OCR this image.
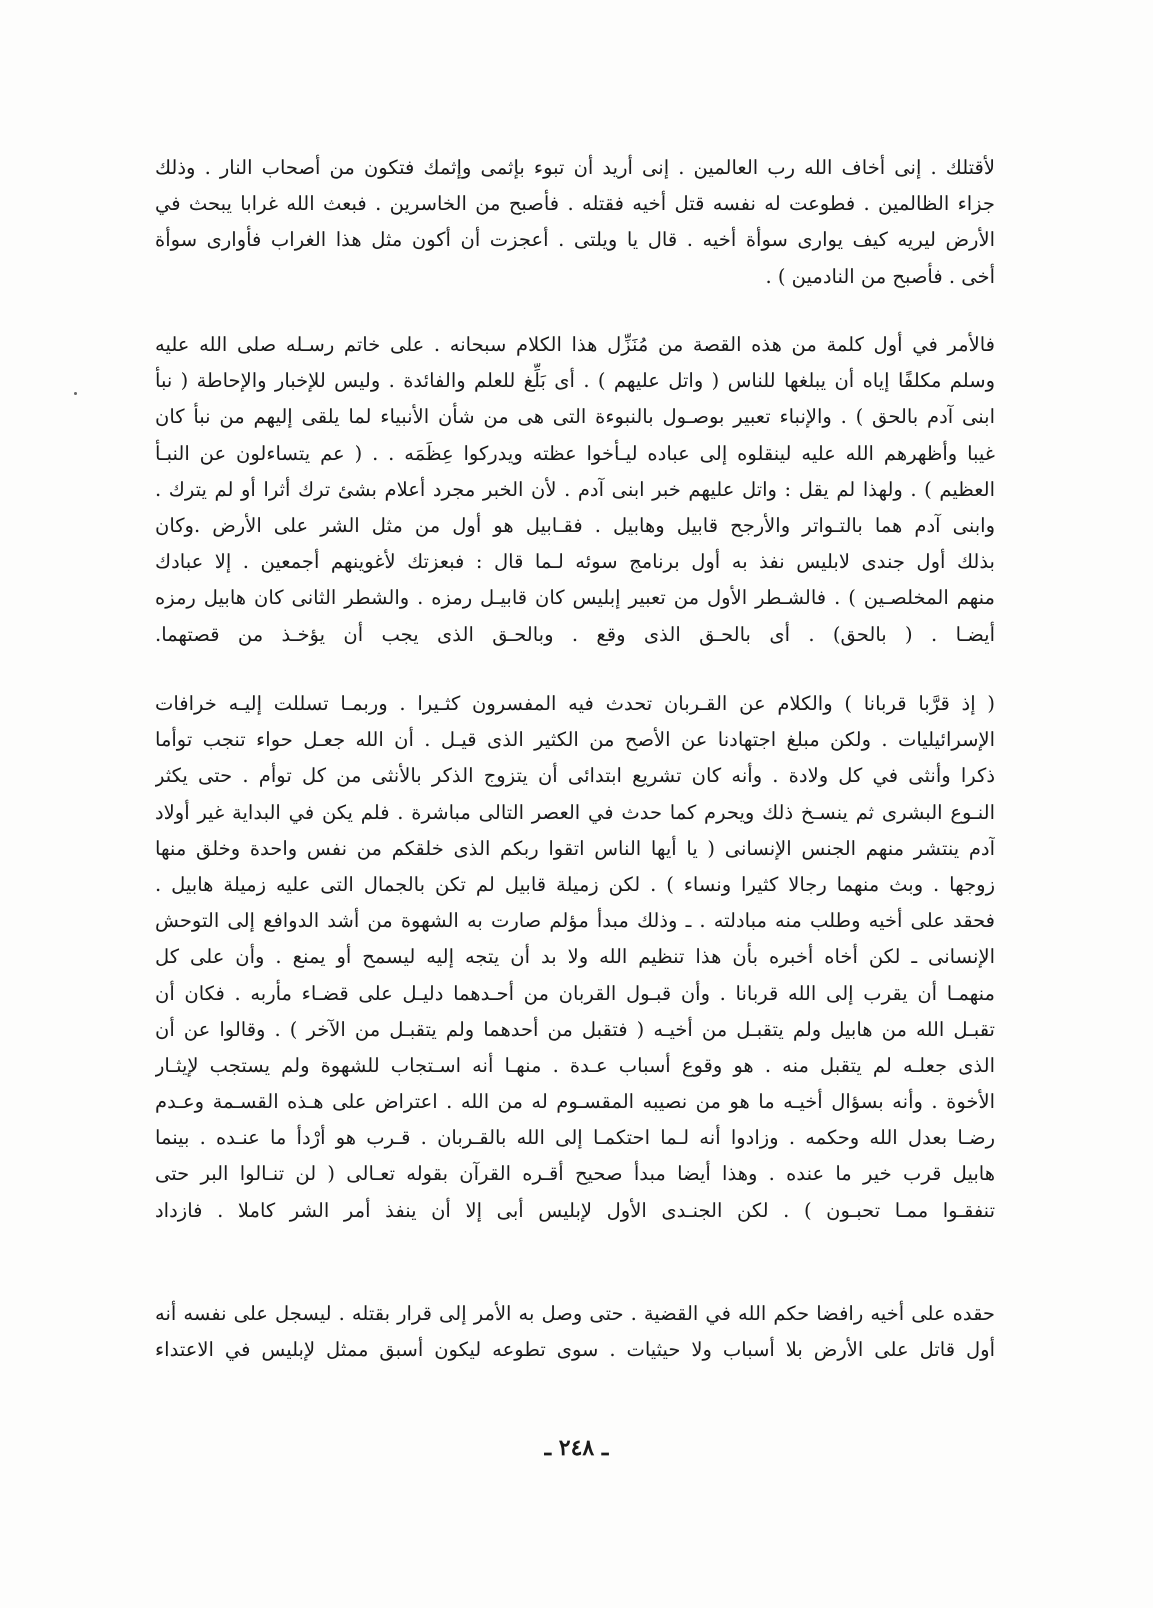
لأقتلك . إنى أخاف الله رب العالمين . إنى أريد أن تبوء بإثمى وإثمك فتكون من أصحاب النار . وذلك
جزاء الظالمين . فطوعت له نفسه قتل أخيه فقتله . فأصبح من الخاسرين . فبعث الله غرابا يبحث في
الأرض ليريه كيف يوارى سوأة أخيه . قال يا ويلتى . أعجزت أن أكون مثل هذا الغراب فأوارى سوأة
أخى . فأصبح من النادمين ) .
فالأمر في أول كلمة من هذه القصة من مُنَزِّل هذا الكلام سبحانه . على خاتم رسـله صلى الله عليه
وسلم مكلفًا إياه أن يبلغها للناس ( واتل عليهم ) . أى بَلِّغ للعلم والفائدة . وليس للإخبار والإحاطة ( نبأ
ابنى آدم بالحق ) . والإنباء تعبير بوصـول بالنبوءة التى هى من شأن الأنبياء لما يلقى إليهم من نبأ كان
غيبا وأظهرهم الله عليه لينقلوه إلى عباده ليـأخوا عظته ويدركوا عِظَمَه . . ( عم يتساءلون عن النبـأ
العظيم ) . ولهذا لم يقل : واتل عليهم خبر ابنى آدم . لأن الخبر مجرد أعلام بشئ ترك أثرا أو لم يترك .
وابنى آدم هما بالتـواتر والأرجح قابيل وهابيل . فقـابيل هو أول من مثل الشر على الأرض .وكان
بذلك أول جندى لابليس نفذ به أول برنامج سوئه لـما قال : فبعزتك لأغوينهم أجمعين . إلا عبادك
منهم المخلصـين ) . فالشـطر الأول من تعبير إبليس كان قابيـل رمزه . والشطر الثانى كان هابيل رمزه
أيضـا . ( بالحق) . أى بالحـق الذى وقع . وبالحـق الذى يجب أن يؤخـذ من قصتهما.
( إذ قرَّبا قربانا ) والكلام عن القـربان تحدث فيه المفسرون كثـيرا . وربمـا تسللت إليـه خرافات
الإسرائيليات . ولكن مبلغ اجتهادنا عن الأصح من الكثير الذى قيـل . أن الله جعـل حواء تنجب توأما
ذكرا وأنثى في كل ولادة . وأنه كان تشريع ابتدائى أن يتزوج الذكر بالأنثى من كل توأم . حتى يكثر
النـوع البشرى ثم ينسـخ ذلك ويحرم كما حدث في العصر التالى مباشرة . فلم يكن في البداية غير أولاد
آدم ينتشر منهم الجنس الإنسانى ( يا أيها الناس اتقوا ربكم الذى خلقكم من نفس واحدة وخلق منها
زوجها . وبث منهما رجالا كثيرا ونساء ) . لكن زميلة قابيل لم تكن بالجمال التى عليه زميلة هابيل .
فحقد على أخيه وطلب منه مبادلته . ـ وذلك مبدأ مؤلم صارت به الشهوة من أشد الدوافع إلى التوحش
الإنسانى ـ لكن أخاه أخبره بأن هذا تنظيم الله ولا بد أن يتجه إليه ليسمح أو يمنع . وأن على كل
منهمـا أن يقرب إلى الله قربانا . وأن قبـول القربان من أحـدهما دليـل على قضـاء مأربه . فكان أن
تقبـل الله من هابيل ولم يتقبـل من أخيـه ( فتقبل من أحدهما ولم يتقبـل من الآخر ) . وقالوا عن أن
الذى جعلـه لم يتقبل منه . هو وقوع أسباب عـدة . منهـا أنه اسـتجاب للشهوة ولم يستجب لإيثـار
الأخوة . وأنه بسؤال أخيـه ما هو من نصيبه المقسـوم له من الله . اعتراض على هـذه القسـمة وعـدم
رضـا بعدل الله وحكمه . وزادوا أنه لـما احتكمـا إلى الله بالقـربان . قـرب هو أرْدأ ما عنـده . بينما
هابيل قرب خير ما عنده . وهذا أيضا مبدأ صحيح أقـره القرآن بقوله تعـالى ( لن تنـالوا البر حتى
تنفقـوا ممـا تحبـون ) . لكن الجنـدى الأول لإبليس أبى إلا أن ينفذ أمر الشر كاملا . فازداد
حقده على أخيه رافضا حكم الله في القضية . حتى وصل به الأمر إلى قرار بقتله . ليسجل على نفسه أنه
أول قاتل على الأرض بلا أسباب ولا حيثيات . سوى تطوعه ليكون أسبق ممثل لإبليس في الاعتداء
ـ ٢٤٨ ـ
